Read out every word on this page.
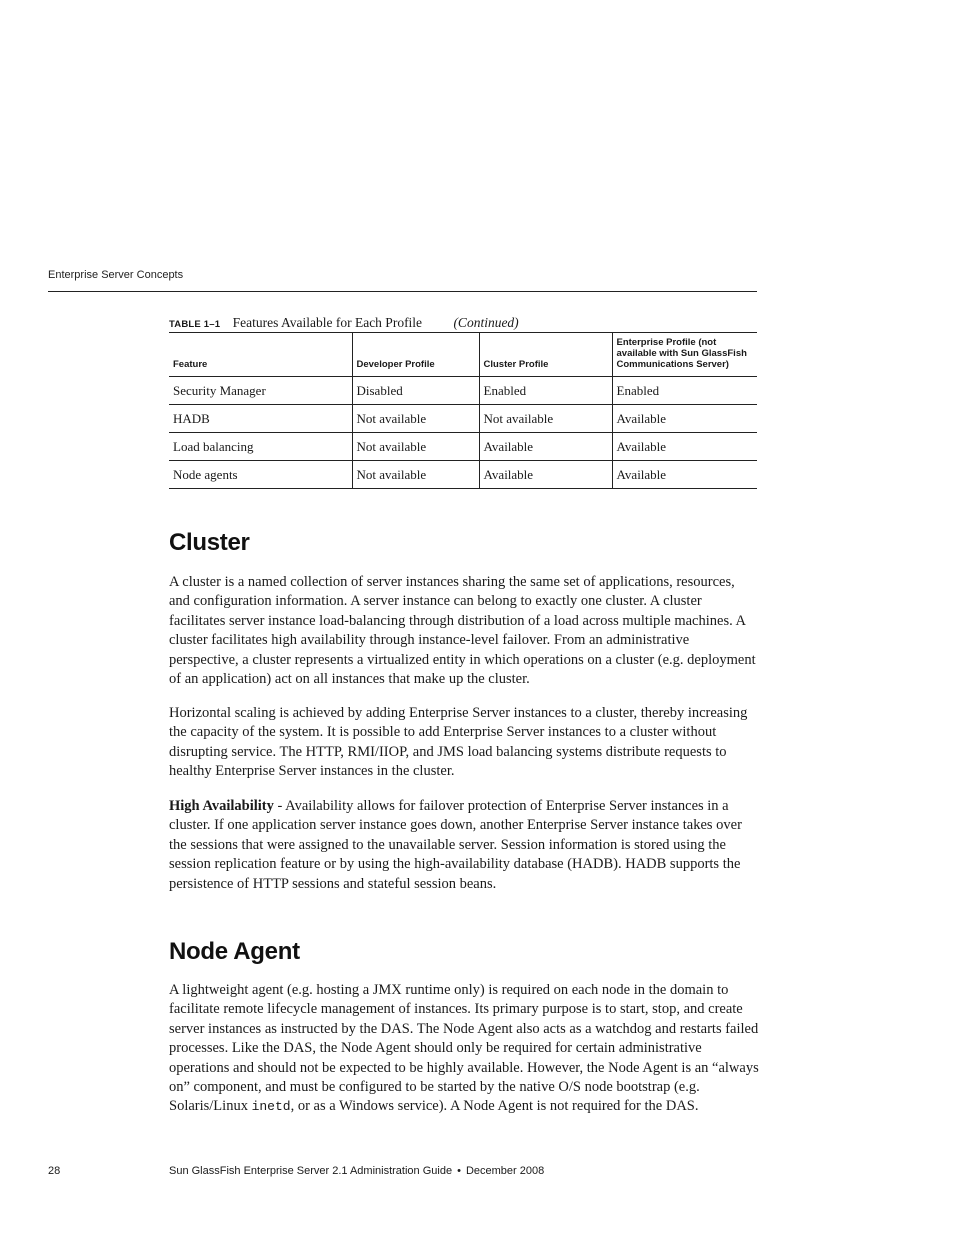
Enterprise Server Concepts
TABLE 1–1 Features Available for Each Profile (Continued)
Feature	Developer Profile	Cluster Profile	Enterprise Profile (not available with Sun GlassFish Communications Server)
Security Manager	Disabled	Enabled	Enabled
HADB	Not available	Not available	Available
Load balancing	Not available	Available	Available
Node agents	Not available	Available	Available
Cluster

A cluster is a named collection of server instances sharing the same set of applications, resources, and configuration information. A server instance can belong to exactly one cluster. A cluster facilitates server instance load-balancing through distribution of a load across multiple machines. A cluster facilitates high availability through instance-level failover. From an administrative perspective, a cluster represents a virtualized entity in which operations on a cluster (e.g. deployment of an application) act on all instances that make up the cluster.

Horizontal scaling is achieved by adding Enterprise Server instances to a cluster, thereby increasing the capacity of the system. It is possible to add Enterprise Server instances to a cluster without disrupting service. The HTTP, RMI/IIOP, and JMS load balancing systems distribute requests to healthy Enterprise Server instances in the cluster.

High Availability - Availability allows for failover protection of Enterprise Server instances in a cluster. If one application server instance goes down, another Enterprise Server instance takes over the sessions that were assigned to the unavailable server. Session information is stored using the session replication feature or by using the high-availability database (HADB). HADB supports the persistence of HTTP sessions and stateful session beans.

Node Agent

A lightweight agent (e.g. hosting a JMX runtime only) is required on each node in the domain to facilitate remote lifecycle management of instances. Its primary purpose is to start, stop, and create server instances as instructed by the DAS. The Node Agent also acts as a watchdog and restarts failed processes. Like the DAS, the Node Agent should only be required for certain administrative operations and should not be expected to be highly available. However, the Node Agent is an “always on” component, and must be configured to be started by the native O/S node bootstrap (e.g. Solaris/Linux inetd, or as a Windows service). A Node Agent is not required for the DAS.

28	Sun GlassFish Enterprise Server 2.1 Administration Guide • December 2008
